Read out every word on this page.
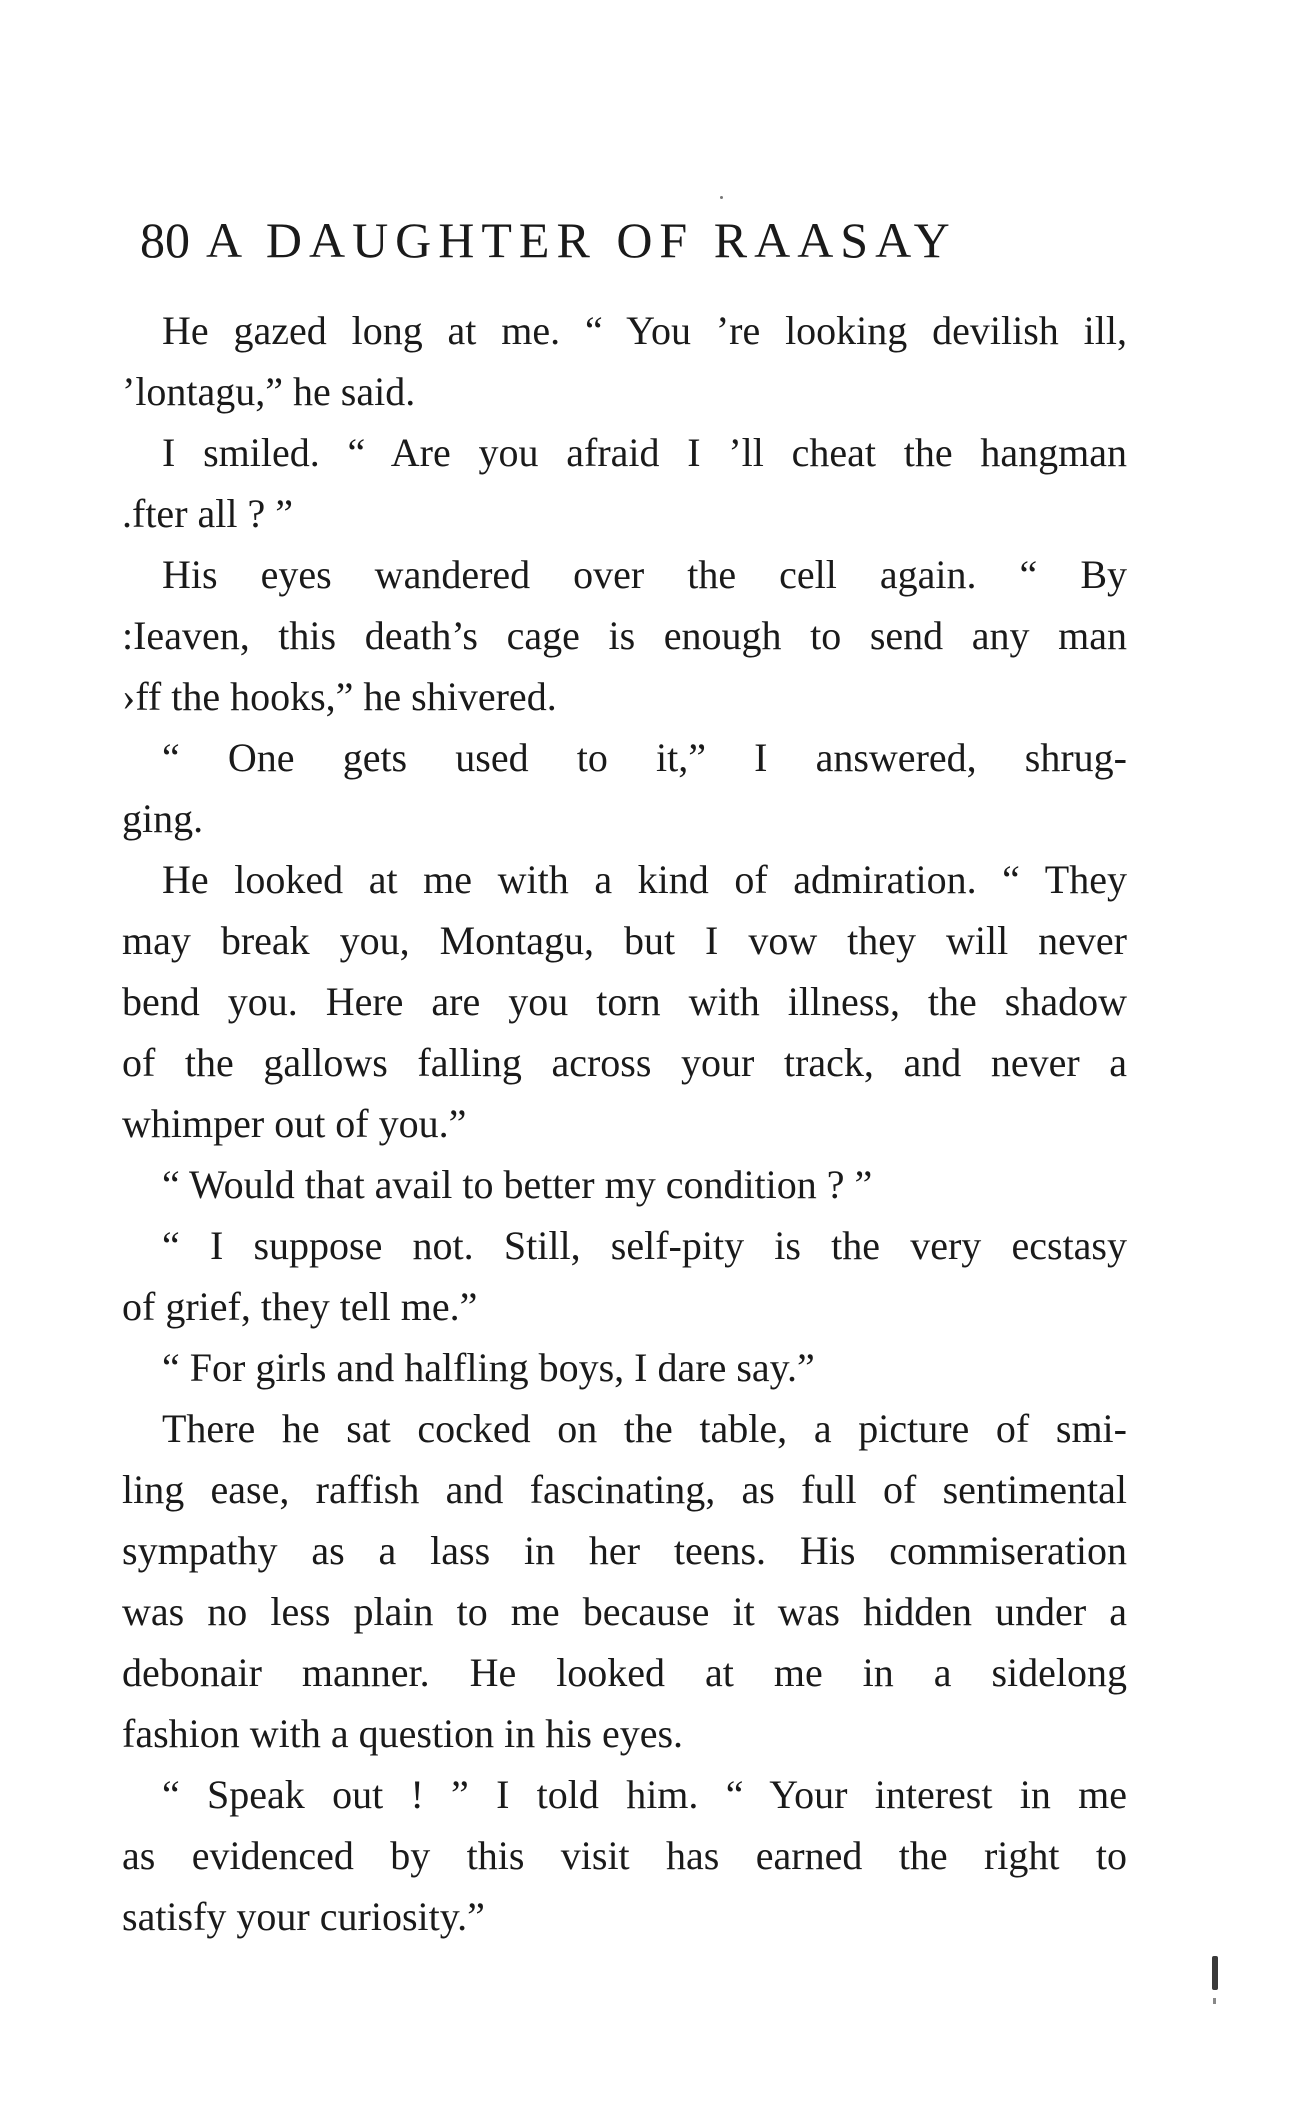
80 A DAUGHTER OF RAASAY
He gazed long at me. “ You ’re looking devilish ill,
’lontagu,” he said.
I smiled. “ Are you afraid I ’ll cheat the hangman
.fter all ? ”
His eyes wandered over the cell again. “ By
:Ieaven, this death’s cage is enough to send any man
›ff the hooks,” he shivered.
“ One gets used to it,” I answered, shrug-
ging.
He looked at me with a kind of admiration. “ They
may break you, Montagu, but I vow they will never
bend you. Here are you torn with illness, the shadow
of the gallows falling across your track, and never a
whimper out of you.”
“ Would that avail to better my condition ? ”
“ I suppose not. Still, self-pity is the very ecstasy
of grief, they tell me.”
“ For girls and halfling boys, I dare say.”
There he sat cocked on the table, a picture of smi-
ling ease, raffish and fascinating, as full of sentimental
sympathy as a lass in her teens. His commiseration
was no less plain to me because it was hidden under a
debonair manner. He looked at me in a sidelong
fashion with a question in his eyes.
“ Speak out ! ” I told him. “ Your interest in me
as evidenced by this visit has earned the right to
satisfy your curiosity.”
